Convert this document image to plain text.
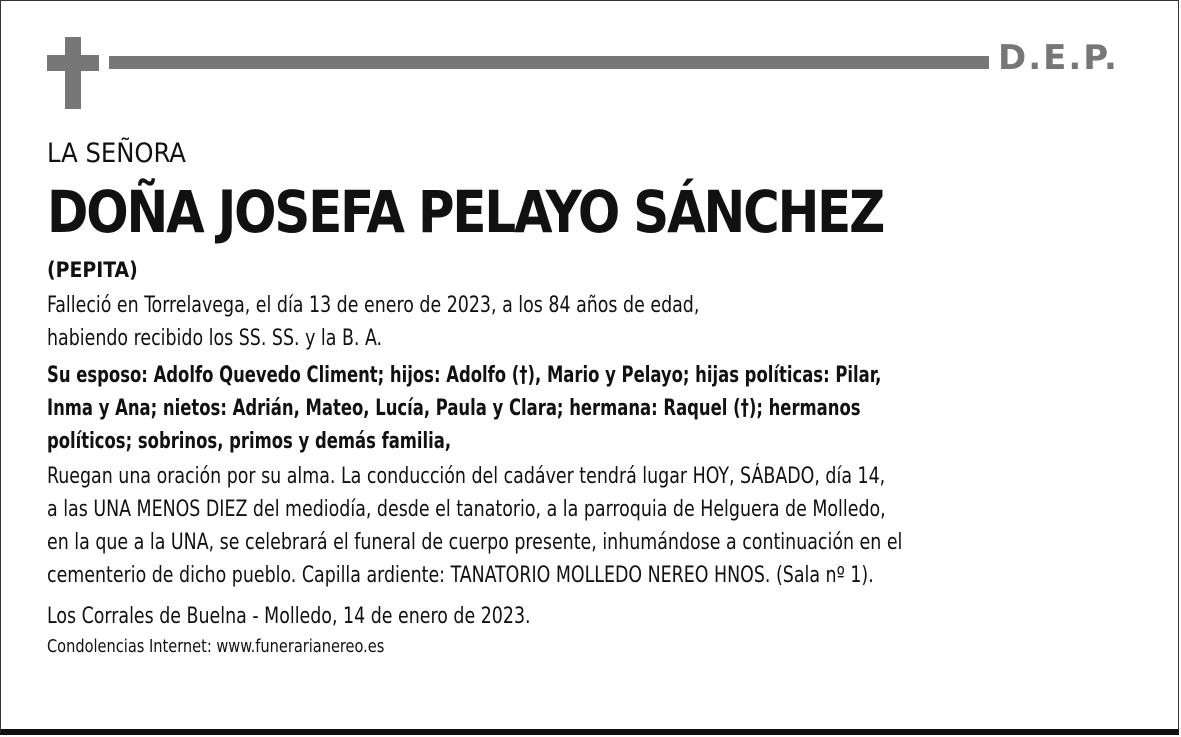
D.E.P.

LA SEÑORA

DOÑA JOSEFA PELAYO SÁNCHEZ

(PEPITA)

Falleció en Torrelavega, el día 13 de enero de 2023, a los 84 años de edad,

habiendo recibido los SS. SS. y la B. A.

Su esposo: Adolfo Quevedo Climent; hijos: Adolfo (†), Mario y Pelayo; hijas políticas: Pilar,

Inma y Ana; nietos: Adrián, Mateo, Lucía, Paula y Clara; hermana: Raquel (†); hermanos

políticos; sobrinos, primos y demás familia,

Ruegan una oración por su alma. La conducción del cadáver tendrá lugar HOY, SÁBADO, día 14,

a las UNA MENOS DIEZ del mediodía, desde el tanatorio, a la parroquia de Helguera de Molledo,

en la que a la UNA, se celebrará el funeral de cuerpo presente, inhumándose a continuación en el

cementerio de dicho pueblo. Capilla ardiente: TANATORIO MOLLEDO NEREO HNOS. (Sala nº 1).

Los Corrales de Buelna - Molledo, 14 de enero de 2023.

Condolencias Internet: www.funerarianereo.es
